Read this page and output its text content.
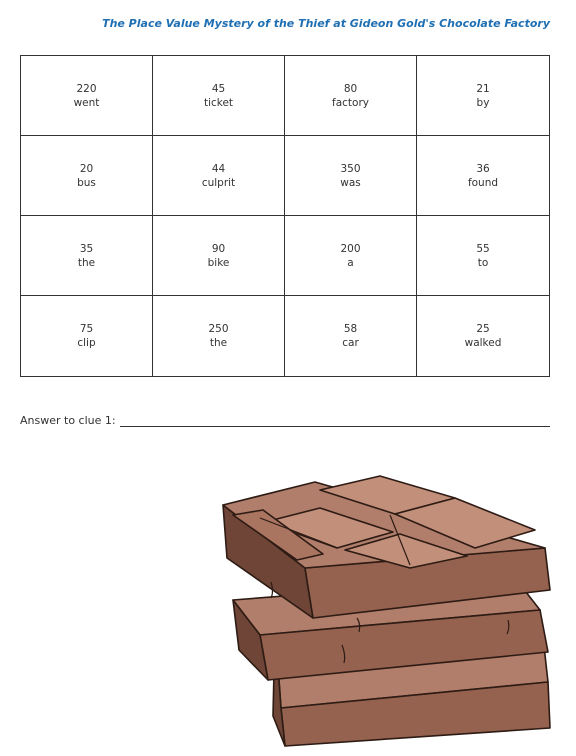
The Place Value Mystery of the Thief at Gideon Gold's Chocolate Factory
220
went
45
ticket
80
factory
21
by
20
bus
44
culprit
350
was
36
found
35
the
90
bike
200
a
55
to
75
clip
250
the
58
car
25
walked
Answer to clue 1:
